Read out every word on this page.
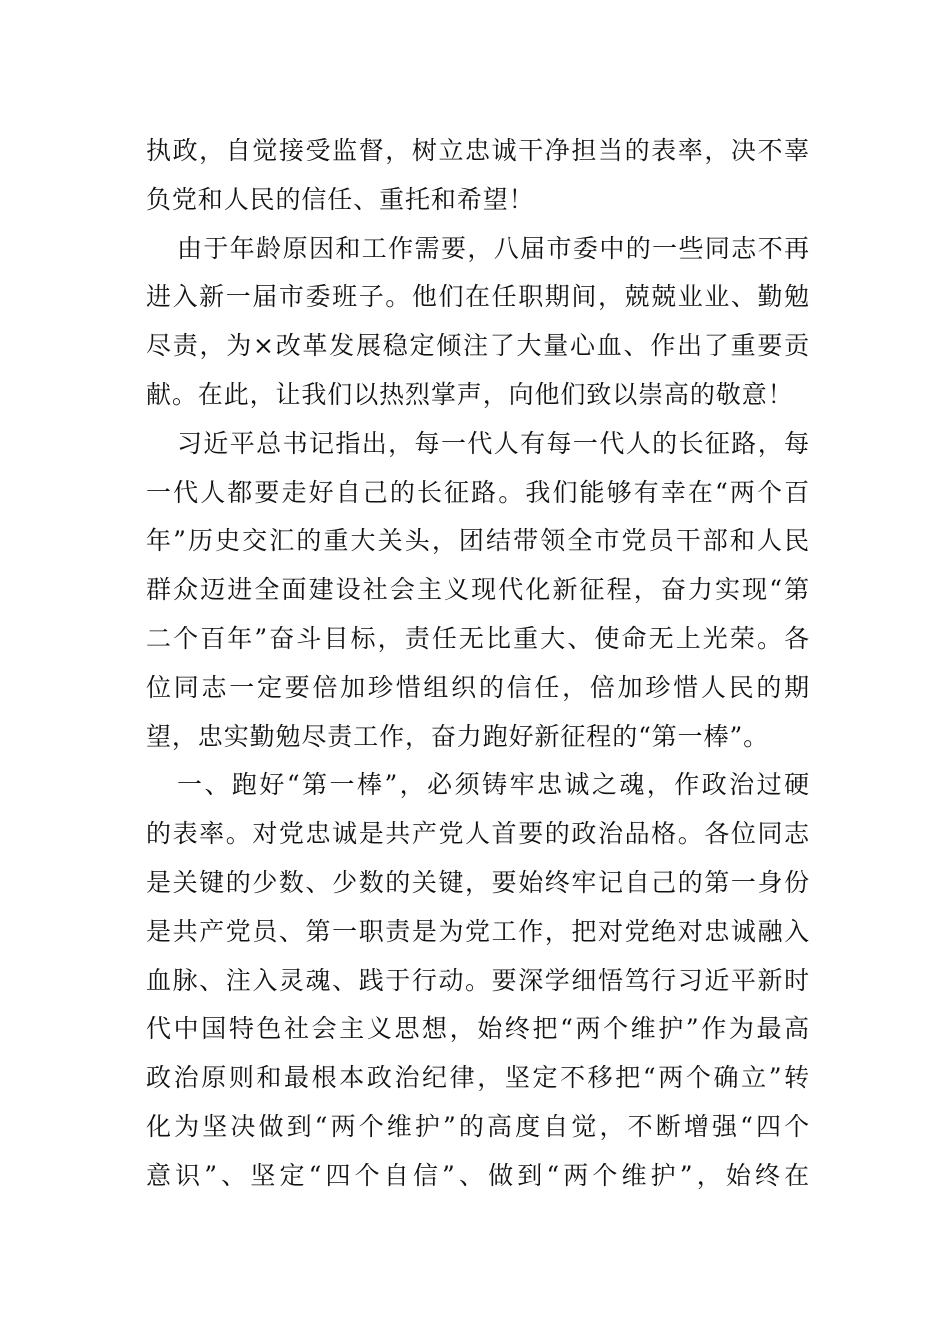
执政，自觉接受监督，树立忠诚干净担当的表率，决不辜
负党和人民的信任、重托和希望！
由于年龄原因和工作需要，八届市委中的一些同志不再
进入新一届市委班子。他们在任职期间，兢兢业业、勤勉
尽责，为×改革发展稳定倾注了大量心血、作出了重要贡
献。在此，让我们以热烈掌声，向他们致以崇高的敬意！
习近平总书记指出，每一代人有每一代人的长征路，每
一代人都要走好自己的长征路。我们能够有幸在“两个百
年”历史交汇的重大关头，团结带领全市党员干部和人民
群众迈进全面建设社会主义现代化新征程，奋力实现“第
二个百年”奋斗目标，责任无比重大、使命无上光荣。各
位同志一定要倍加珍惜组织的信任，倍加珍惜人民的期
望，忠实勤勉尽责工作，奋力跑好新征程的“第一棒”。
一、跑好“第一棒”，必须铸牢忠诚之魂，作政治过硬
的表率。对党忠诚是共产党人首要的政治品格。各位同志
是关键的少数、少数的关键，要始终牢记自己的第一身份
是共产党员、第一职责是为党工作，把对党绝对忠诚融入
血脉、注入灵魂、践于行动。要深学细悟笃行习近平新时
代中国特色社会主义思想，始终把“两个维护”作为最高
政治原则和最根本政治纪律，坚定不移把“两个确立”转
化为坚决做到“两个维护”的高度自觉，不断增强“四个
意识”、坚定“四个自信”、做到“两个维护”，始终在
